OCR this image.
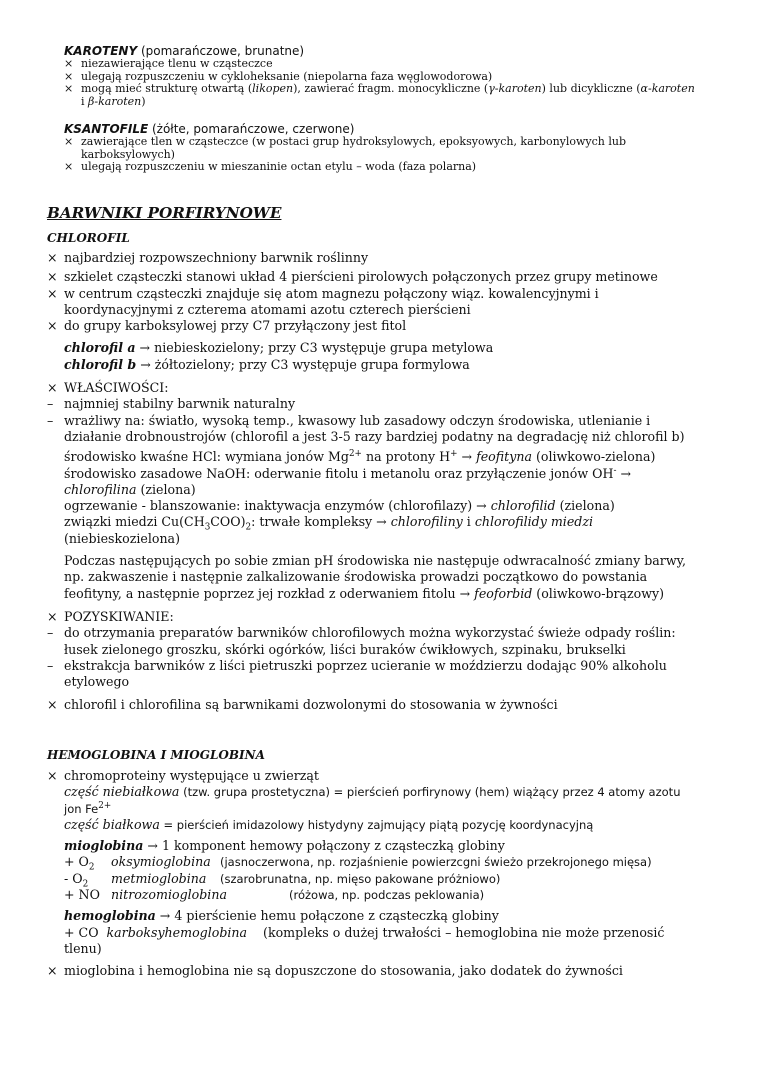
KAROTENY (pomarańczowe, brunatne)
× niezawierające tlenu w cząsteczce
× ulegają rozpuszczeniu w cykloheksanie (niepolarna faza węglowodorowa)
× mogą mieć strukturę otwartą (likopen), zawierać fragm. monocykliczne (γ-karoten) lub dicykliczne (α-karoten
i β-karoten)
KSANTOFILE (żółte, pomarańczowe, czerwone)
× zawierające tlen w cząsteczce (w postaci grup hydroksylowych, epoksyowych, karbonylowych lub karboksylowych)
× ulegają rozpuszczeniu w mieszaninie octan etylu – woda (faza polarna)
BARWNIKI PORFIRYNOWE
CHLOROFIL
× najbardziej rozpowszechniony barwnik roślinny
× szkielet cząsteczki stanowi układ 4 pierścieni pirolowych połączonych przez grupy metinowe
× w centrum cząsteczki znajduje się atom magnezu połączony wiąz. kowalencyjnymi i koordynacyjnymi z czterema atomami azotu czterech pierścieni
× do grupy karboksylowej przy C7 przyłączony jest fitol
chlorofil a → niebieskozielony; przy C3 występuje grupa metylowa
chlorofil b → żółtozielony; przy C3 występuje grupa formylowa
× WŁAŚCIWOŚCI:
– najmniej stabilny barwnik naturalny
– wrażliwy na: światło, wysoką temp., kwasowy lub zasadowy odczyn środowiska, utlenianie i działanie drobnoustrojów (chlorofil a jest 3-5 razy bardziej podatny na degradację niż chlorofil b)
środowisko kwaśne HCl: wymiana jonów $Mg^{2+}$ na protony H+ → feofityna (oliwkowo-zielona)
środowisko zasadowe NaOH: oderwanie fitolu i metanolu oraz przyłączenie jonów OH- →
chlorofilina (zielona)
ogrzewanie - blanszowanie: inaktywacja enzymów (chlorofilazy) → chlorofilid (zielona)
związki miedzi $Cu(CH_3COO)_2$: trwałe kompleksy → chlorofiliny i chlorofilidy miedzi
(niebieskozielona)
Podczas następujących po sobie zmian pH środowiska nie następuje odwracalność zmiany barwy, np. zakwaszenie i następnie zalkalizowanie środowiska prowadzi początkowo do powstania feofityny, a następnie poprzez jej rozkład z oderwaniem fitolu → feoforbid (oliwkowo-brązowy)
× POZYSKIWANIE:
– do otrzymania preparatów barwników chlorofilowych można wykorzystać świeże odpady roślin: łusek zielonego groszku, skórki ogórków, liści buraków ćwikłowych, szpinaku, brukselki
– ekstrakcja barwników z liści pietruszki poprzez ucieranie w moździerzu dodając 90% alkoholu etylowego
× chlorofil i chlorofilina są barwnikami dozwolonymi do stosowania w żywności
HEMOGLOBINA I MIOGLOBINA
× chromoproteiny występujące u zwierząt
część niebiałkowa (tzw. grupa prostetyczna) = pierścień porfirynowy (hem) wiążący przez 4 atomy azotu jon $Fe^{2+}$
część białkowa = pierścień imidazolowy histydyny zajmujący piątą pozycję koordynacyjną
mioglobina → 1 komponent hemowy połączony z cząsteczką globiny
+ $O_2$ oksymioglobina (jasnoczerwona, np. rozjaśnienie powierzcgni świeżo przekrojonego mięsa)
- $O_2$ metmioglobina (szarobrunatna, np. mięso pakowane próżniowo)
+ NO nitrozomioglobina	(różowa, np. podczas peklowania)
hemoglobina → 4 pierścienie hemu połączone z cząsteczką globiny
+ CO karboksyhemoglobina (kompleks o dużej trwałości – hemoglobina nie może przenosić tlenu)
× mioglobina i hemoglobina nie są dopuszczone do stosowania, jako dodatek do żywności
